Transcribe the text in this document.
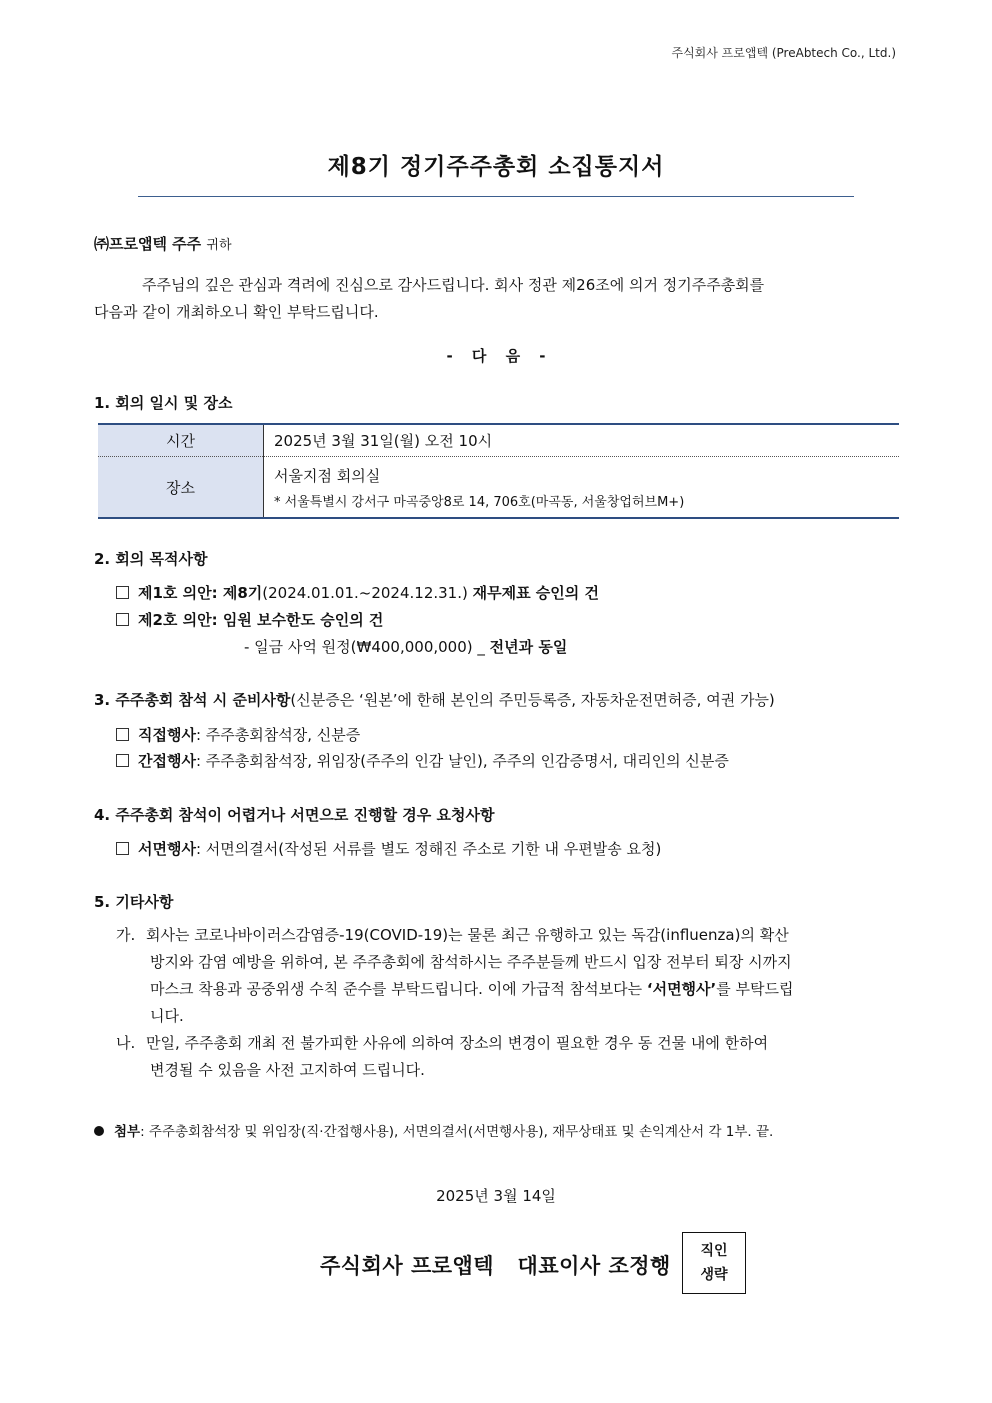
주식회사 프로앱텍 (PreAbtech Co., Ltd.)
제8기 정기주주총회 소집통지서
㈜프로앱텍 주주 귀하
주주님의 깊은 관심과 격려에 진심으로 감사드립니다. 회사 정관 제26조에 의거 정기주주총회를
다음과 같이 개최하오니 확인 부탁드립니다.
- 다 음 -
1. 회의 일시 및 장소
시간	2025년 3월 31일(월) 오전 10시
장소	서울지점 회의실
* 서울특별시 강서구 마곡중앙8로 14, 706호(마곡동, 서울창업허브M+)
2. 회의 목적사항
제1호 의안: 제8기(2024.01.01.~2024.12.31.) 재무제표 승인의 건
제2호 의안: 임원 보수한도 승인의 건
- 일금 사억 원정(₩400,000,000) _ 전년과 동일
3. 주주총회 참석 시 준비사항(신분증은 ‘원본’에 한해 본인의 주민등록증, 자동차운전면허증, 여권 가능)
직접행사: 주주총회참석장, 신분증
간접행사: 주주총회참석장, 위임장(주주의 인감 날인), 주주의 인감증명서, 대리인의 신분증
4. 주주총회 참석이 어렵거나 서면으로 진행할 경우 요청사항
서면행사: 서면의결서(작성된 서류를 별도 정해진 주소로 기한 내 우편발송 요청)
5. 기타사항
가. 회사는 코로나바이러스감염증-19(COVID-19)는 물론 최근 유행하고 있는 독감(influenza)의 확산
방지와 감염 예방을 위하여, 본 주주총회에 참석하시는 주주분들께 반드시 입장 전부터 퇴장 시까지
마스크 착용과 공중위생 수칙 준수를 부탁드립니다. 이에 가급적 참석보다는 ‘서면행사’를 부탁드립
니다.
나. 만일, 주주총회 개최 전 불가피한 사유에 의하여 장소의 변경이 필요한 경우 동 건물 내에 한하여
변경될 수 있음을 사전 고지하여 드립니다.
첨부: 주주총회참석장 및 위임장(직·간접행사용), 서면의결서(서면행사용), 재무상태표 및 손익계산서 각 1부. 끝.
2025년 3월 14일
주식회사 프로앱텍   대표이사 조정행
직인
생략
